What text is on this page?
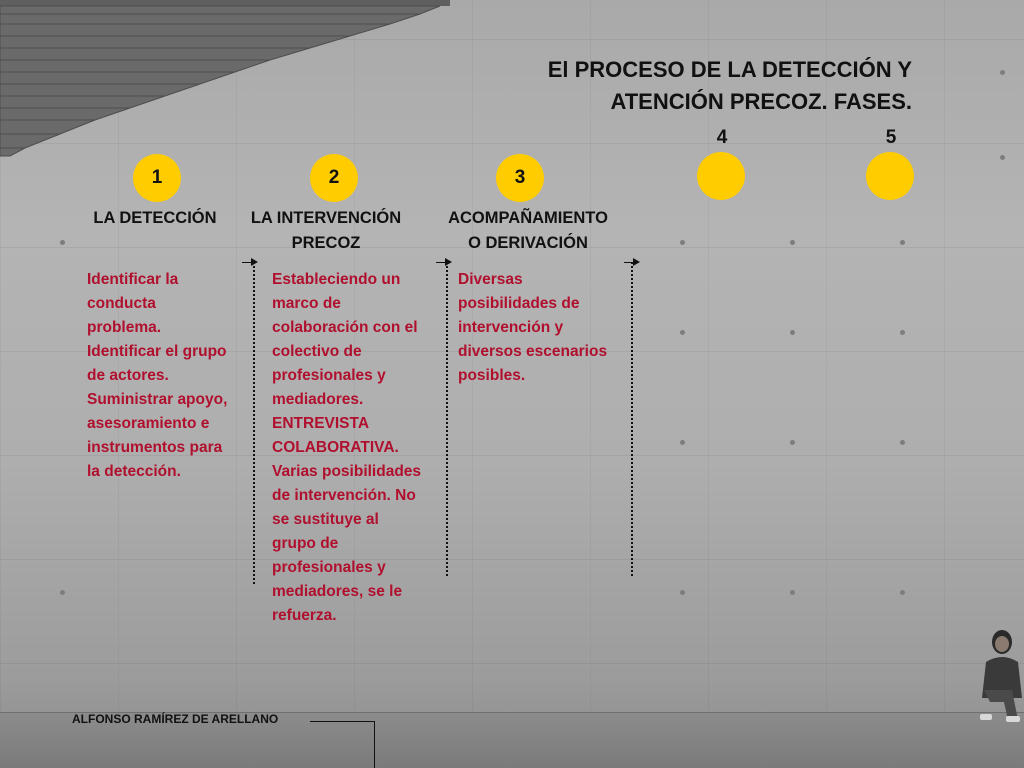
El PROCESO DE LA DETECCIÓN Y
ATENCIÓN PRECOZ. FASES.
4	5
1	2	3
LA DETECCIÓN	LA INTERVENCIÓN
PRECOZ
ACOMPAÑAMIENTO
O DERIVACIÓN
Identificar la
conducta
problema.
Identificar el grupo
de actores.
Suministrar apoyo,
asesoramiento e
instrumentos para
la detección.
Estableciendo un
marco de
colaboración con el
colectivo de
profesionales y
mediadores.
ENTREVISTA
COLABORATIVA.
Varias posibilidades
de intervención. No
se sustituye al
grupo de
profesionales y
mediadores, se le
refuerza.
Diversas
posibilidades de
intervención y
diversos escenarios
posibles.
ALFONSO RAMÍREZ DE ARELLANO
